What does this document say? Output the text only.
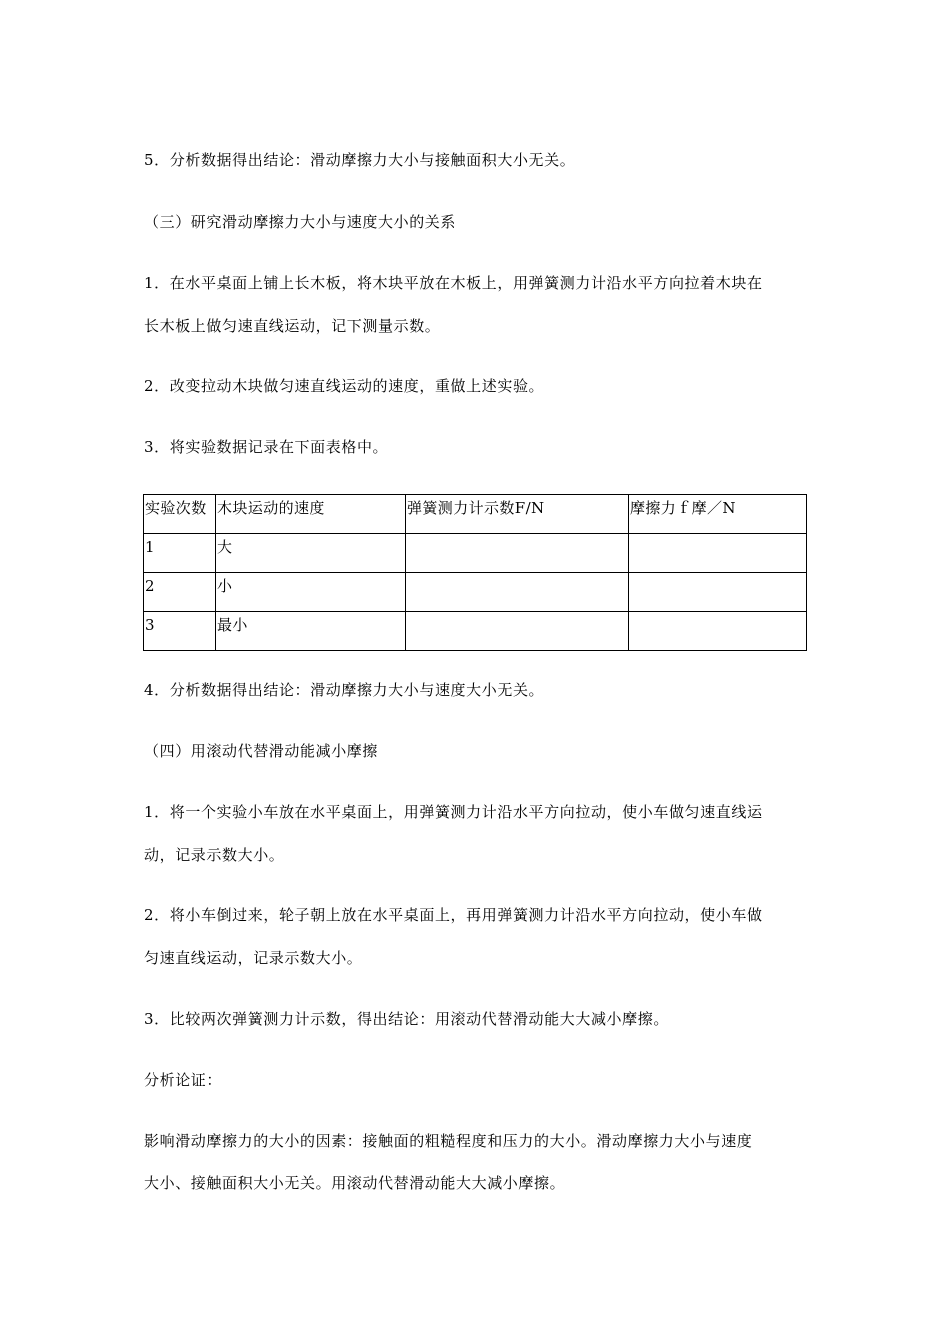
5．分析数据得出结论：滑动摩擦力大小与接触面积大小无关。
（三）研究滑动摩擦力大小与速度大小的关系
1．在水平桌面上铺上长木板，将木块平放在木板上，用弹簧测力计沿水平方向拉着木块在
长木板上做匀速直线运动，记下测量示数。
2．改变拉动木块做匀速直线运动的速度，重做上述实验。
3．将实验数据记录在下面表格中。
实验次数	木块运动的速度	弹簧测力计示数F/N	摩擦力ｆ摩／N
1	大		
2	小		
3	最小		
4．分析数据得出结论：滑动摩擦力大小与速度大小无关。
（四）用滚动代替滑动能减小摩擦
1．将一个实验小车放在水平桌面上，用弹簧测力计沿水平方向拉动，使小车做匀速直线运
动，记录示数大小。
2．将小车倒过来，轮子朝上放在水平桌面上，再用弹簧测力计沿水平方向拉动，使小车做
匀速直线运动，记录示数大小。
3．比较两次弹簧测力计示数，得出结论：用滚动代替滑动能大大减小摩擦。
分析论证：
影响滑动摩擦力的大小的因素：接触面的粗糙程度和压力的大小。滑动摩擦力大小与速度
大小、接触面积大小无关。用滚动代替滑动能大大减小摩擦。
